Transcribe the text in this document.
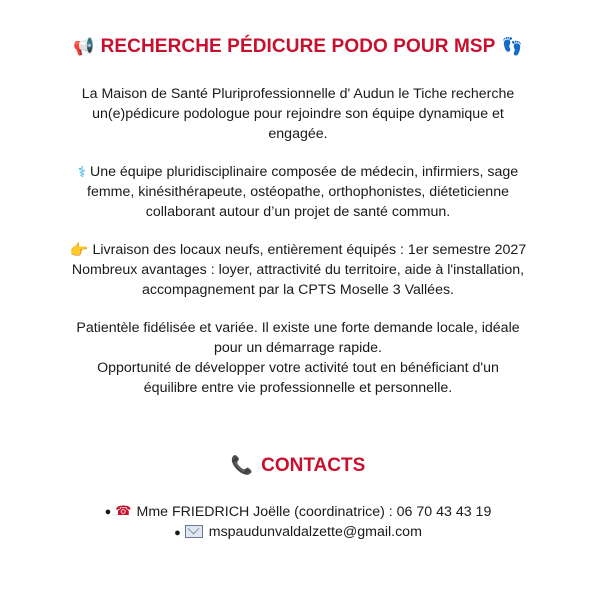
📢 RECHERCHE PÉDICURE PODO POUR MSP 👣
La Maison de Santé Pluriprofessionnelle d' Audun le Tiche recherche
un(e)pédicure podologue pour rejoindre son équipe dynamique et
engagée.
⚕ Une équipe pluridisciplinaire composée de médecin, infirmiers, sage
femme, kinésithérapeute, ostéopathe, orthophonistes, diéteticienne
collaborant autour d’un projet de santé commun.
👉 Livraison des locaux neufs, entièrement équipés : 1er semestre 2027
Nombreux avantages : loyer, attractivité du territoire, aide à l'installation,
accompagnement par la CPTS Moselle 3 Vallées.
Patientèle fidélisée et variée. Il existe une forte demande locale, idéale
pour un démarrage rapide.
Opportunité de développer votre activité tout en bénéficiant d'un
équilibre entre vie professionnelle et personnelle.
📞 CONTACTS
● ☎ Mme FRIEDRICH Joëlle (coordinatrice) : 06 70 43 43 19
● mspaudunvaldalzette@gmail.com
